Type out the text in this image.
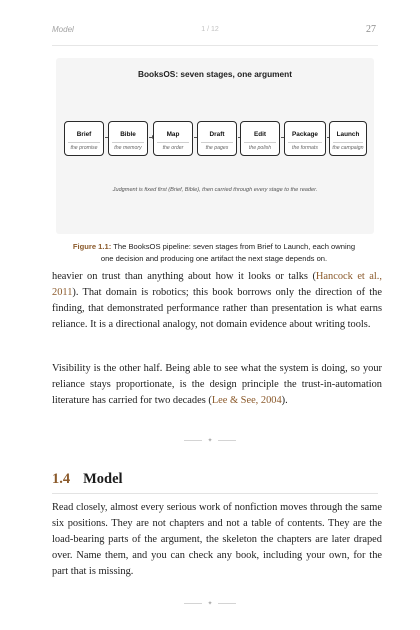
Model	1 / 12	27
BooksOS: seven stages, one argument
Brief
the promise
Bible
the memory
Map
the order
Draft
the pages
Edit
the polish
Package
the formats
Launch
the campaign
Judgment is fixed first (Brief, Bible), then carried through every stage to the reader.
Figure 1.1: The BooksOS pipeline: seven stages from Brief to Launch, each owning one decision and producing one artifact the next stage depends on.
heavier on trust than anything about how it looks or talks (Hancock et al., 2011). That domain is robotics; this book borrows only the direction of the finding, that demonstrated performance rather than presentation is what earns reliance. It is a directional analogy, not domain evidence about writing tools.
Visibility is the other half. Being able to see what the system is doing, so your reliance stays proportionate, is the design principle the trust-in-automation literature has carried for two decades (Lee & See, 2004).
✦
1.4 Model
Read closely, almost every serious work of nonfiction moves through the same six positions. They are not chapters and not a table of contents. They are the load-bearing parts of the argument, the skeleton the chapters are later draped over. Name them, and you can check any book, including your own, for the part that is missing.
✦
